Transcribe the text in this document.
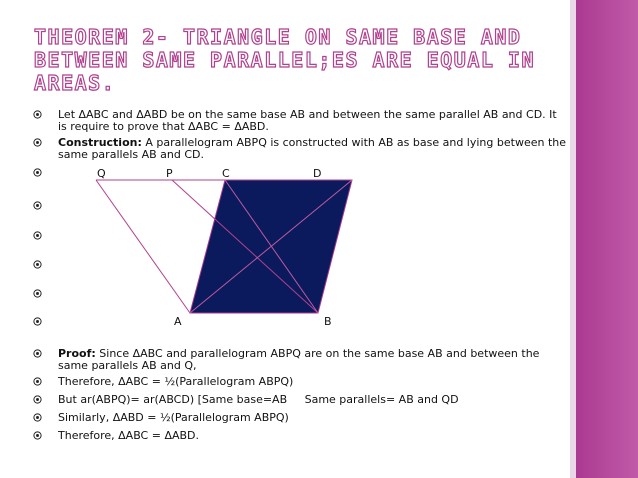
THEOREM 2- TRIANGLE ON SAME BASE AND BETWEEN SAME PARALLEL;ES ARE EQUAL IN AREAS.
Q	P	C	D
A	B
Let ΔABC and ΔABD be on the same base AB and between the same parallel AB and CD. It is require to prove that ΔABC = ΔABD.
Construction: A parallelogram ABPQ is constructed with AB as base and lying between the same parallels AB and CD.
Proof: Since ΔABC and parallelogram ABPQ are on the same base AB and between the same parallels AB and Q,
Therefore, ΔABC = ½(Parallelogram ABPQ)
But ar(ABPQ)= ar(ABCD) [Same base=AB     Same parallels= AB and QD
Similarly, ΔABD = ½(Parallelogram ABPQ)
Therefore, ΔABC = ΔABD.
